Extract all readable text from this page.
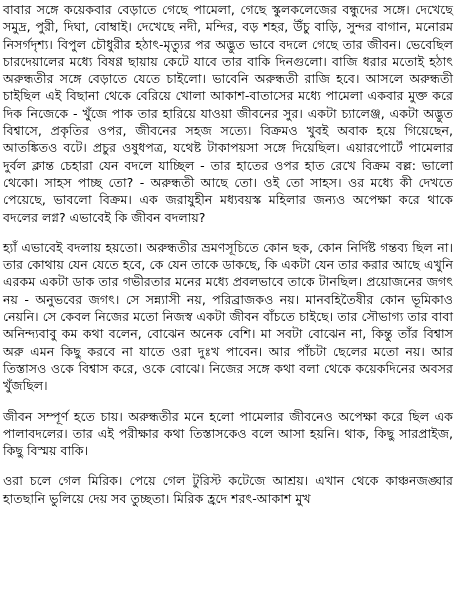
বাবার সঙ্গে কয়েকবার বেড়াতে গেছে পামেলা, গেছে স্কুলকলেজের বন্ধুদের সঙ্গে। দেখেছে সমুদ্র, পুরী, দিঘা, বোম্বাই। দেখেছে নদী, মন্দির, বড় শহর, উঁচু বাড়ি, সুন্দর বাগান, মনোরম নিসর্গদৃশ্য। বিপুল চৌধুরীর হঠাৎ-মৃত্যুর পর অদ্ভুত ভাবে বদলে গেছে তার জীবন। ভেবেছিল চারদেয়ালের মধ্যে বিষণ্ণ ছায়ায় কেটে যাবে তার বাকি দিনগুলো। বাজি ধরার মতোই হঠাৎ অরুন্ধতীর সঙ্গে বেড়াতে যেতে চাইলো। ভাবেনি অরুন্ধতী রাজি হবে। আসলে অরুন্ধতী চাইছিল এই বিছানা থেকে বেরিয়ে খোলা আকাশ-বাতাসের মধ্যে পামেলা একবার মুক্ত করে দিক নিজেকে - খুঁজে পাক তার হারিয়ে যাওয়া জীবনের সুর। একটা চ্যালেঞ্জ, একটা অদ্ভুত বিশ্বাসে, প্রকৃতির ওপর, জীবনের সহজ সত্যে। বিক্রমও খুবই অবাক হয়ে গিয়েছেন, আতঙ্কিতও বটে। প্রচুর ওষুধপত্র, যথেষ্ট টাকাপয়সা সঙ্গে দিয়েছিল। এয়ারপোর্টে পামেলার দুর্বল ক্লান্ত চেহারা যেন বদলে যাচ্ছিল - তার হাতের ওপর হাত রেখে বিক্রম বল্ল: ভালো থেকো। সাহস পাচ্ছ তো? - অরুন্ধতী আছে তো। ওই তো সাহস। ওর মধ্যে কী দেখতে পেয়েছে, ভাবলো বিক্রম। এক জরাযুহীন মধ্যবয়স্ক মহিলার জন্যও অপেক্ষা করে থাকে বদলের লগ্ন? এভাবেই কি জীবন বদলায়?

হ্যাঁ এভাবেই বদলায় হয়তো। অরুন্ধতীর ভ্রমণসূচিতে কোন ছক, কোন নির্দিষ্ট গন্তব্য ছিল না। তার কোথায় যেন যেতে হবে, কে যেন তাকে ডাকছে, কি একটা যেন তার করার আছে এখুনি এরকম একটা ডাক তার গভীরতার মনের মধ্যে প্রবলভাবে তাকে টানছিল। প্রয়োজনের জগৎ নয় - অনুভবের জগৎ। সে সন্ন্যাসী নয়, পরিব্রাজকও নয়। মানবহিতৈষীর কোন ভূমিকাও নেয়নি। সে কেবল নিজের মতো নিজস্ব একটা জীবন বাঁচতে চাইছে। তার সৌভাগ্য তার বাবা অনিন্দ্যবাবু কম কথা বলেন, বোঝেন অনেক বেশি। মা সবটা বোঝেন না, কিন্তু তাঁর বিশ্বাস অরু এমন কিছু করবে না যাতে ওরা দুঃখ পাবেন। আর পাঁচটা ছেলের মতো নয়। আর তিস্তাসও ওকে বিশ্বাস করে, ওকে বোঝে। নিজের সঙ্গে কথা বলা থেকে কয়েকদিনের অবসর খুঁজছিল।

জীবন সম্পূর্ণ হতে চায়। অরুন্ধতীর মনে হলো পামেলার জীবনেও অপেক্ষা করে ছিল এক পালাবদলের। তার এই পরীক্ষার কথা তিস্তাসকেও বলে আসা হয়নি। থাক, কিছু সারপ্রাইজ, কিছু বিস্ময় বাকি।

ওরা চলে গেল মিরিক। পেয়ে গেল টুরিস্ট কটেজে আশ্রয়। এখান থেকে কাঞ্চনজঙ্ঘার হাতছানি ভুলিয়ে দেয় সব তুচ্ছতা। মিরিক হ্রদে শরৎ-আকাশ মুখ
